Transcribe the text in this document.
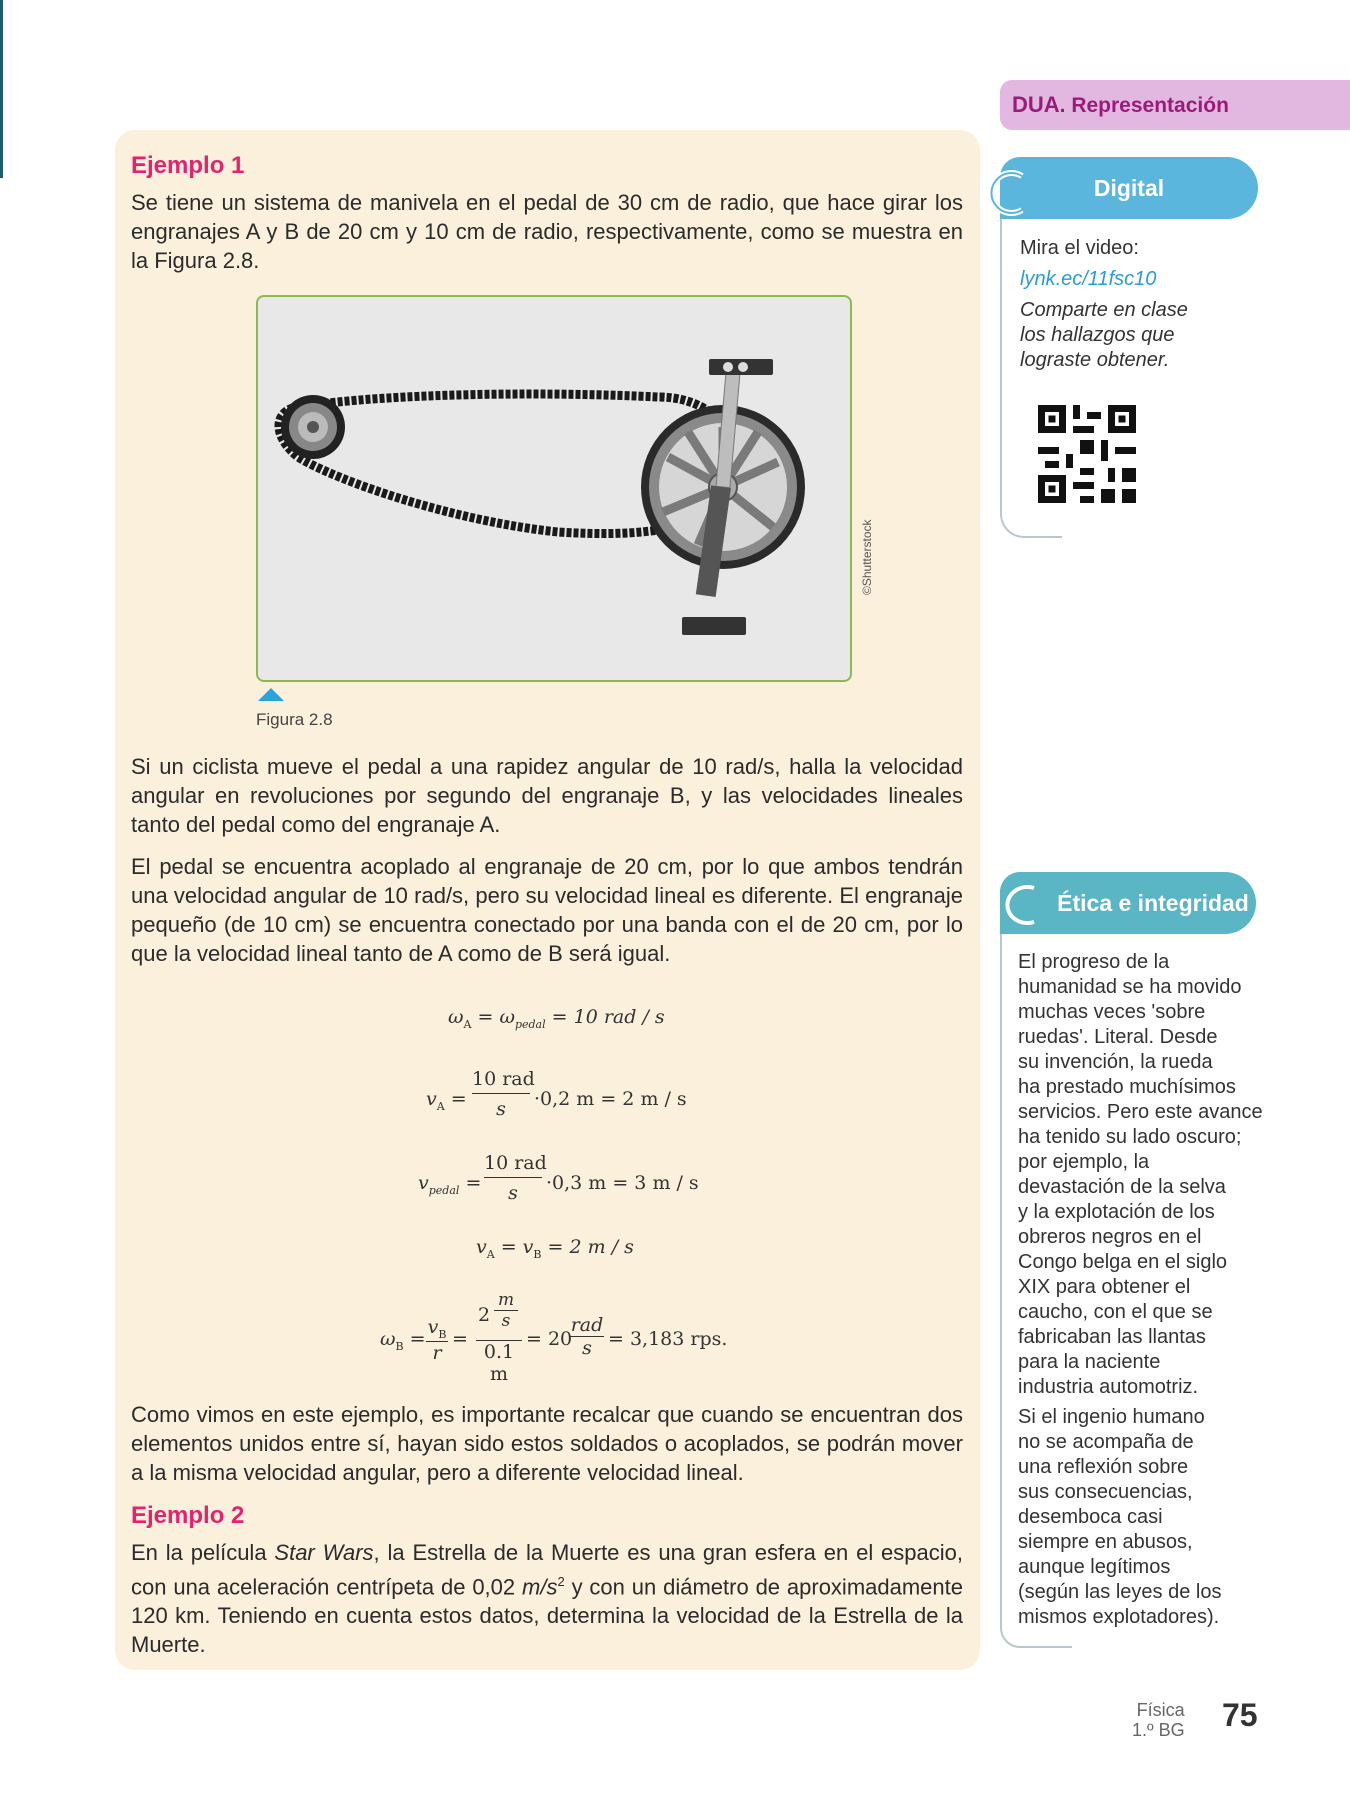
Ejemplo 1
Se tiene un sistema de manivela en el pedal de 30 cm de radio, que hace girar los engranajes A y B de 20 cm y 10 cm de radio, respectivamente, como se muestra en la Figura 2.8.
©Shutterstock
Figura 2.8
Si un ciclista mueve el pedal a una rapidez angular de 10 rad/s, halla la velocidad angular en revoluciones por segundo del engranaje B, y las velocidades lineales tanto del pedal como del engranaje A.
El pedal se encuentra acoplado al engranaje de 20 cm, por lo que ambos tendrán una velocidad angular de 10 rad/s, pero su velocidad lineal es diferente. El engranaje pequeño (de 10 cm) se encuentra conectado por una banda con el de 20 cm, por lo que la velocidad lineal tanto de A como de B será igual.
$\omega_A = \omega_{pedal} = 10$ rad / s
$v_A$ =
10 rad
s	·0,2 m = 2 m / s
$v_{pedal}$ =
10 rad
s	·0,3 m = 3 m / s
$v_A = v_B = 2$ m / s
$\omega_B$ =
$v_B$
r
=
2
m
s
0.1 m
= 20
rad
s = 3,183 rps.
Como vimos en este ejemplo, es importante recalcar que cuando se encuentran dos elementos unidos entre sí, hayan sido estos soldados o acoplados, se podrán mover a la misma velocidad angular, pero a diferente velocidad lineal.
Ejemplo 2
En la película Star Wars, la Estrella de la Muerte es una gran esfera en el espacio, con una aceleración centrípeta de 0,02 $m/s^2$ y con un diámetro de aproximadamente 120 km. Teniendo en cuenta estos datos, determina la velocidad de la Estrella de la Muerte.
DUA. Representación
Digital
Mira el video:
lynk.ec/11fsc10
Comparte en clase
los hallazgos que
lograste obtener.
Ética e integridad
El progreso de la
humanidad se ha movido
muchas veces 'sobre
ruedas'. Literal. Desde
su invención, la rueda
ha prestado muchísimos
servicios. Pero este avance
ha tenido su lado oscuro;
por ejemplo, la
devastación de la selva
y la explotación de los
obreros negros en el
Congo belga en el siglo
XIX para obtener el
caucho, con el que se
fabricaban las llantas
para la naciente
industria automotriz.
Si el ingenio humano
no se acompaña de
una reflexión sobre
sus consecuencias,
desemboca casi
siempre en abusos,
aunque legítimos
(según las leyes de los
mismos explotadores).
Física
1.º BG 75
